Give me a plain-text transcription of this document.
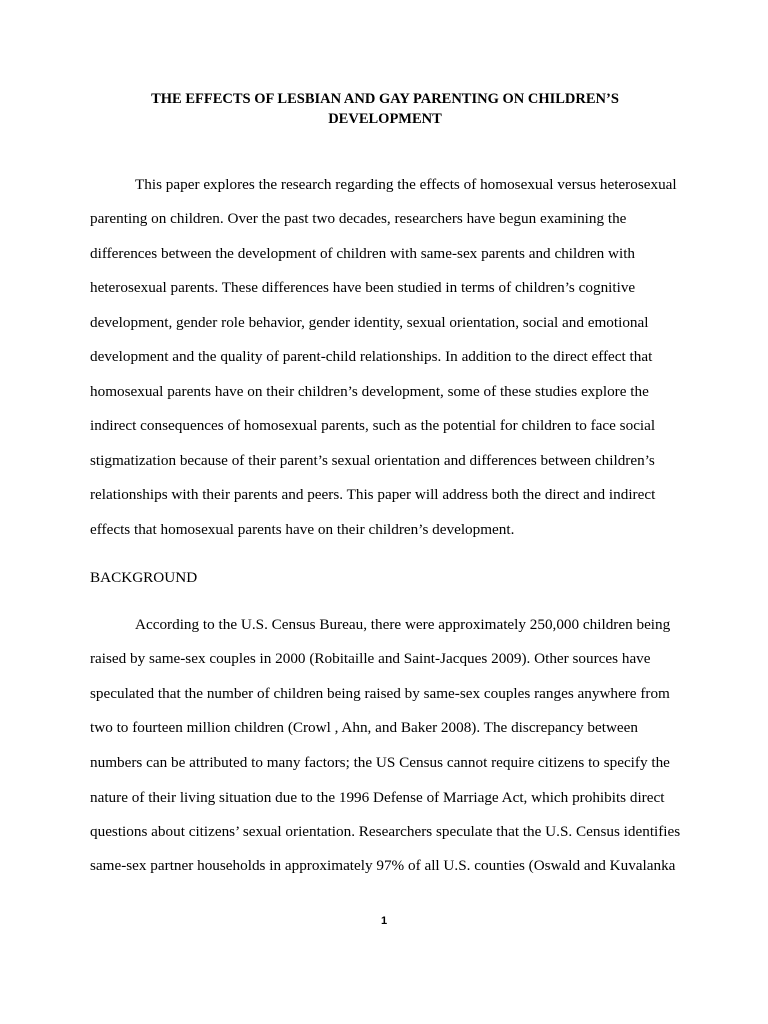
THE EFFECTS OF LESBIAN AND GAY PARENTING ON CHILDREN’S
DEVELOPMENT
This paper explores the research regarding the effects of homosexual versus heterosexual
parenting on children. Over the past two decades, researchers have begun examining the
differences between the development of children with same-sex parents and children with
heterosexual parents. These differences have been studied in terms of children’s cognitive
development, gender role behavior, gender identity, sexual orientation, social and emotional
development and the quality of parent-child relationships. In addition to the direct effect that
homosexual parents have on their children’s development, some of these studies explore the
indirect consequences of homosexual parents, such as the potential for children to face social
stigmatization because of their parent’s sexual orientation and differences between children’s
relationships with their parents and peers. This paper will address both the direct and indirect
effects that homosexual parents have on their children’s development.
BACKGROUND
According to the U.S. Census Bureau, there were approximately 250,000 children being
raised by same-sex couples in 2000 (Robitaille and Saint-Jacques 2009). Other sources have
speculated that the number of children being raised by same-sex couples ranges anywhere from
two to fourteen million children (Crowl , Ahn, and Baker 2008). The discrepancy between
numbers can be attributed to many factors; the US Census cannot require citizens to specify the
nature of their living situation due to the 1996 Defense of Marriage Act, which prohibits direct
questions about citizens’ sexual orientation. Researchers speculate that the U.S. Census identifies
same-sex partner households in approximately 97% of all U.S. counties (Oswald and Kuvalanka
1
